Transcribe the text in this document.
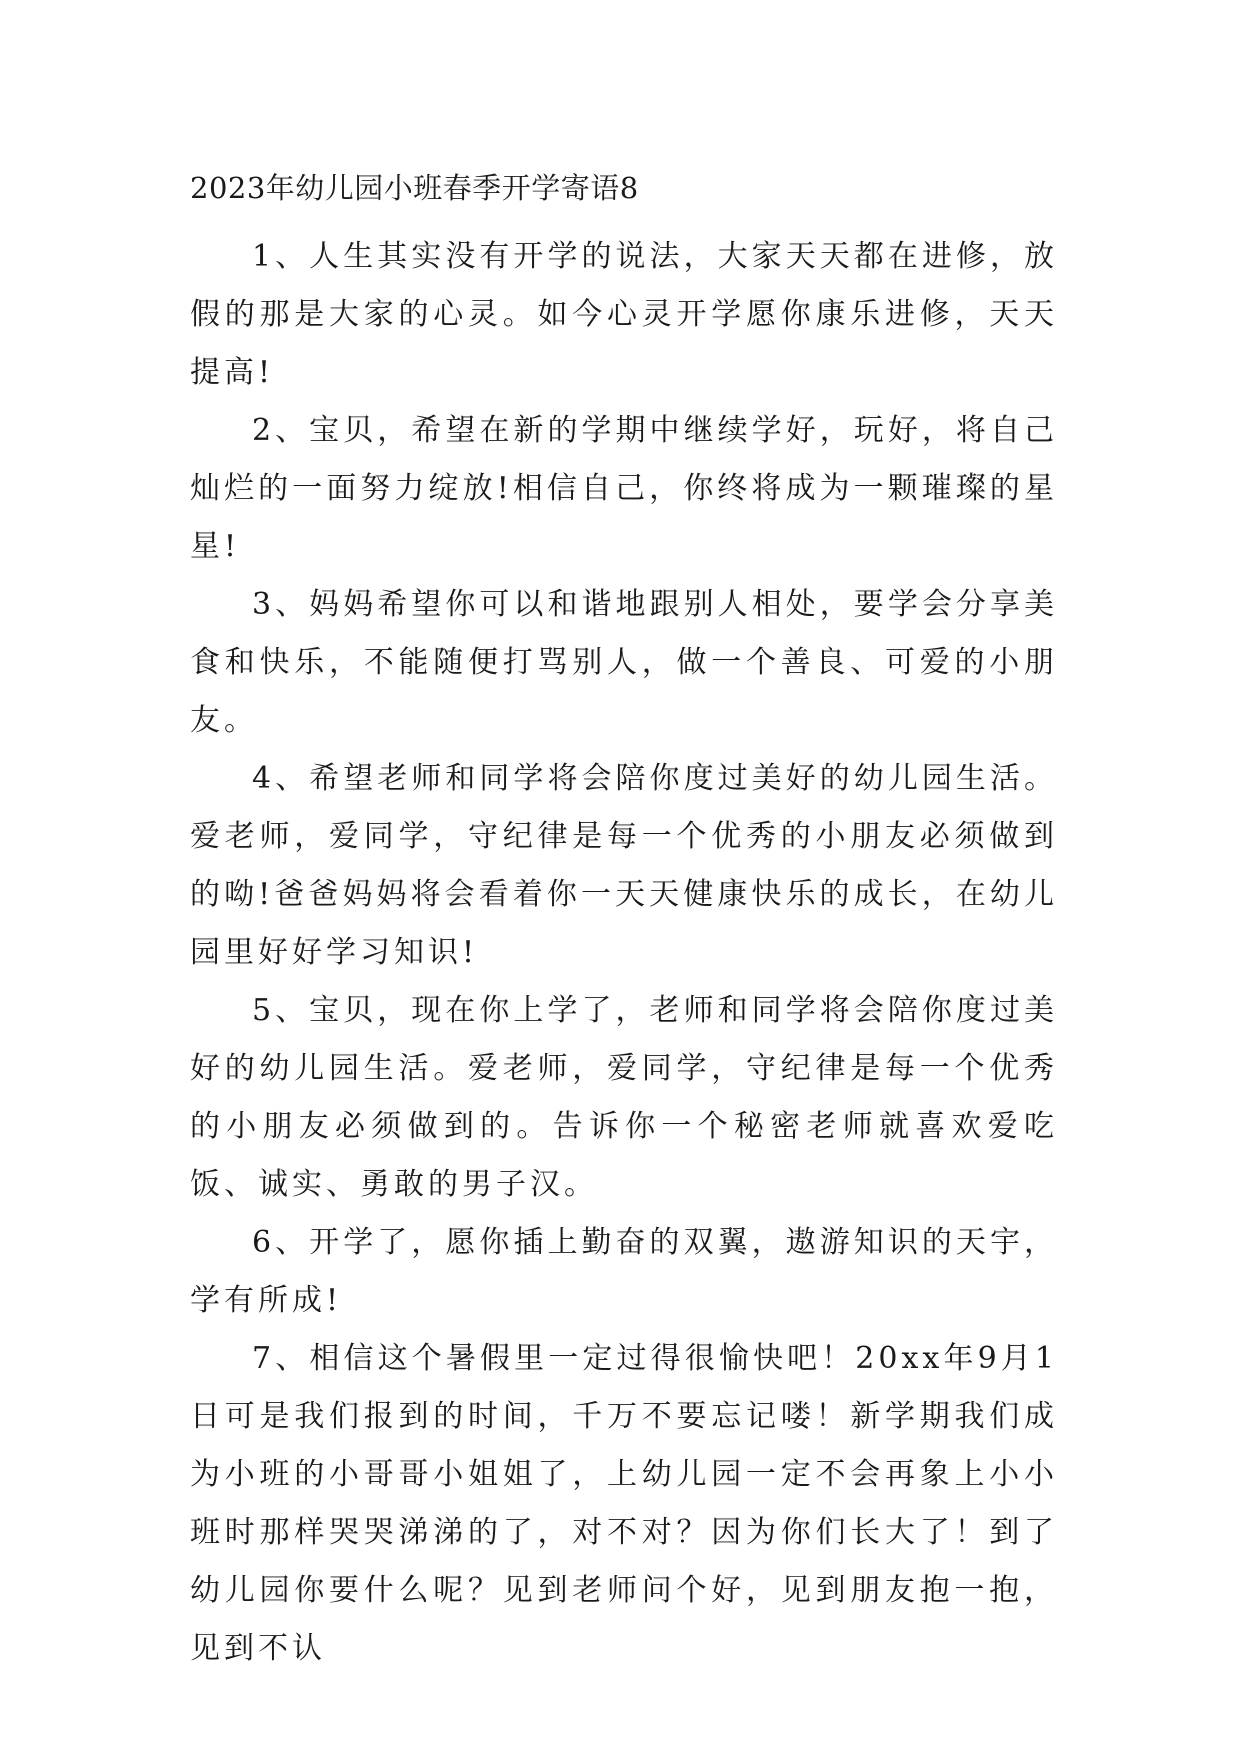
2023年幼儿园小班春季开学寄语8

1、人生其实没有开学的说法，大家天天都在进修，放假的那是大家的心灵。如今心灵开学愿你康乐进修，天天提高!

2、宝贝，希望在新的学期中继续学好，玩好，将自己灿烂的一面努力绽放!相信自己，你终将成为一颗璀璨的星星!

3、妈妈希望你可以和谐地跟别人相处，要学会分享美食和快乐，不能随便打骂别人，做一个善良、可爱的小朋友。

4、希望老师和同学将会陪你度过美好的幼儿园生活。爱老师，爱同学，守纪律是每一个优秀的小朋友必须做到的呦!爸爸妈妈将会看着你一天天健康快乐的成长，在幼儿园里好好学习知识!

5、宝贝，现在你上学了，老师和同学将会陪你度过美好的幼儿园生活。爱老师，爱同学，守纪律是每一个优秀的小朋友必须做到的。告诉你一个秘密老师就喜欢爱吃饭、诚实、勇敢的男子汉。

6、开学了，愿你插上勤奋的双翼，遨游知识的天宇，学有所成!

7、相信这个暑假里一定过得很愉快吧！20xx年9月1日可是我们报到的时间，千万不要忘记喽！新学期我们成为小班的小哥哥小姐姐了，上幼儿园一定不会再象上小小班时那样哭哭涕涕的了，对不对？因为你们长大了！到了幼儿园你要什么呢？见到老师问个好，见到朋友抱一抱，见到不认
